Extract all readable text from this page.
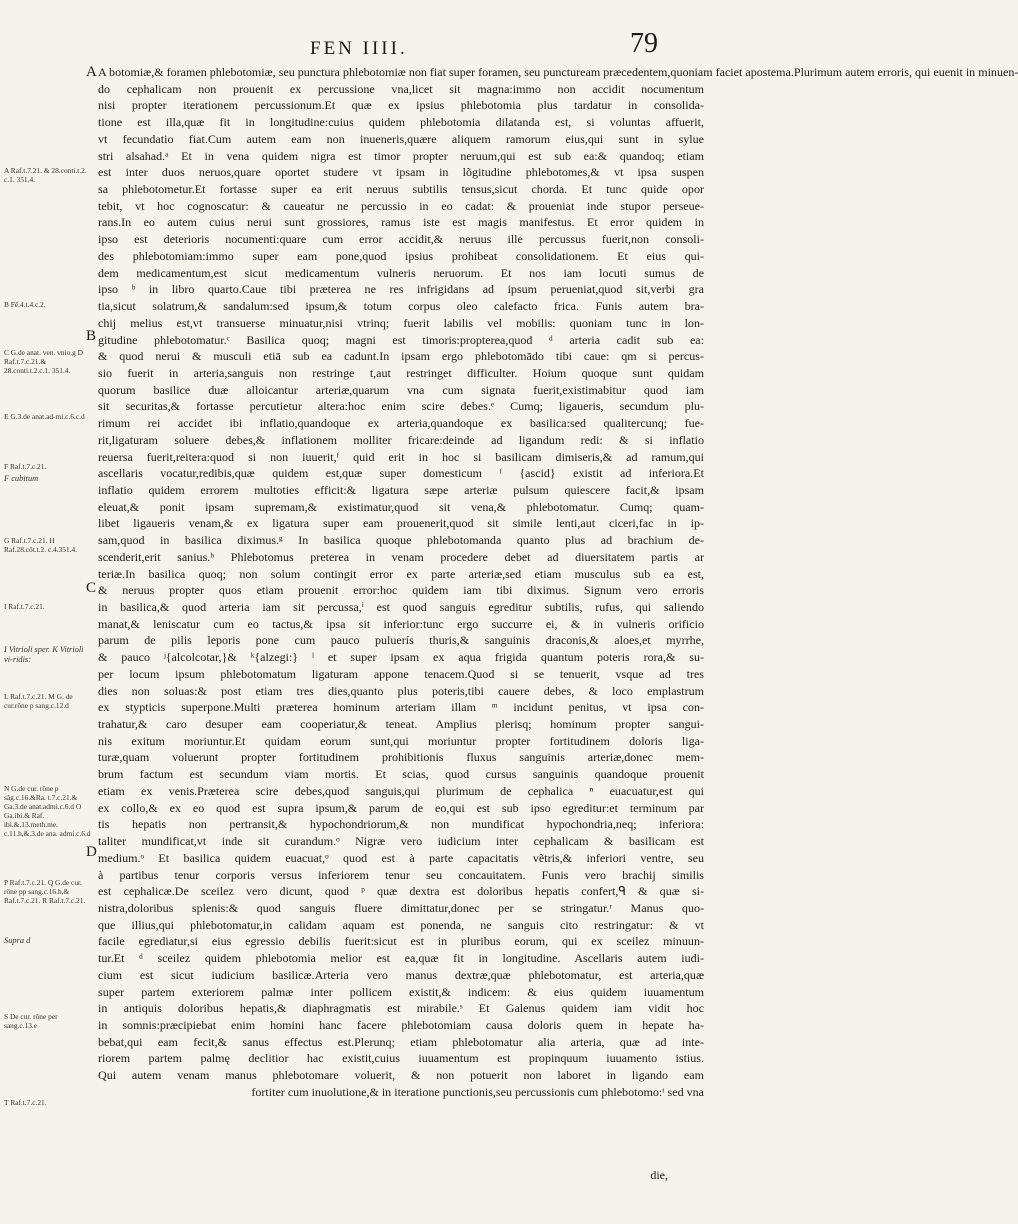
FEN IIII.	79
A Raf.t.7.21. & 28.conti.t.2. c.1. 351.4.
B Fē.4.t.4.c.2.
C G.de anat. ven. vnio.g D Raf.t.7.c.21.& 28.conti.t.2.c.1. 351.4.
E G.3.de anat.ad-mi.c.6.c.d
F Raf.t.7.c.21.
F cubitum
G Raf.t.7.c.21. H Raf.28.côt.t.2. c.4.351.4.
I Raf.t.7.c.21.
I Vitrioli sper. K Vitrioli vi-ridis:
L Raf.t.7.c.21. M G. de cur.rône p sang.c.12.d
N G.de cur. rône p sâg.c.16.&Ra. t.7.c.21.& Ga.3.de anat.admi.c.6.d O Ga.ibi.& Raf. ibi.&.13.meth.me. c.11.h,&.3.de ana. admi.c.6.d
P Raf.t.7.c.21. Q G.de cur. rône pp sang.c.16.h,& Raf.t.7.c.21. R Raf.t.7.c.21.
Supra d
S De cur. rône per sang.c.13.e
T Raf.t.7.c.21.

A botomiæ,& foramen phlebotomiæ, seu punctura phlebotomiæ non fiat super foramen, seu punctuream præcedentem,quoniam faciet apostema.Plurimum autem erroris, qui euenit in minuen-

do cephalicam non prouenit ex percussione vna,licet sit magna:immo non accidit nocumentum

nisi propter iterationem percussionum.Et quæ ex ipsius phlebotomia plus tardatur in consolida-

tione est illa,quæ fit in longitudine:cuius quidem phlebotomia dilatanda est, si voluntas affuerit,

vt fecundatio fiat.Cum autem eam non inueneris,quære aliquem ramorum eius,qui sunt in sylue

stri alsahad.ᵃ Et in vena quidem nigra est timor propter neruum,qui est sub ea:& quandoq; etiam

est inter duos neruos,quare oportet studere vt ipsam in lõgitudine phlebotomes,& vt ipsa suspen

sa phlebotometur.Et fortasse super ea erit neruus subtilis tensus,sicut chorda. Et tunc quide opor

tebit, vt hoc cognoscatur: & caueatur ne percussio in eo cadat: & proueniat inde stupor perseue-

rans.In eo autem cuius nerui sunt grossiores, ramus iste est magis manifestus. Et error quidem in

ipso est deterioris nocumenti:quare cum error accidit,& neruus ille percussus fuerit,non consoli-

des phlebotomiam:immo super eam pone,quod ipsius prohibeat consolidationem. Et eius qui-

dem medicamentum,est sicut medicamentum vulneris neruorum. Et nos iam locuti sumus de

ipso ᵇ in libro quarto.Caue tibi præterea ne res infrigidans ad ipsum perueniat,quod sit,verbi gra

tia,sicut solatrum,& sandalum:sed ipsum,& totum corpus oleo calefacto frica. Funis autem bra-

chij melius est,vt transuerse minuatur,nisi vtrinq; fuerit labilis vel mobilis: quoniam tunc in lon-

gitudine phlebotomatur.ᶜ Basilica quoq; magni est timoris:propterea,quod ᵈ arteria cadit sub ea:

& quod nerui & musculi etiā sub ea cadunt.In ipsam ergo phlebotomādo tibi caue: qm si percus-

sio fuerit in arteria,sanguis non restringe t,aut restringet difficulter. Hoium quoque sunt quidam

quorum basilice duæ alloicantur arteriæ,quarum vna cum signata fuerit,existimabitur quod iam

sit securitas,& fortasse percutietur altera:hoc enim scire debes.ᵉ Cumq; ligaueris, secundum plu-

rimum rei accidet ibi inflatio,quandoque ex arteria,quandoque ex basilica:sed qualitercunq; fue-

rit,ligaturam soluere debes,& inflationem molliter fricare:deinde ad ligandum redi: & si inflatio

reuersa fuerit,reitera:quod si non iuuerit,ᶠ quid erit in hoc si basilicam dimiseris,& ad ramum,qui

ascellaris vocatur,redibis,quæ quidem est,quæ super domesticum ᶠ {ascid} existit ad inferiora.Et

inflatio quidem errorem multoties efficit:& ligatura sæpe arteriæ pulsum quiescere facit,& ipsam

eleuat,& ponit ipsam supremam,& existimatur,quod sit vena,& phlebotomatur. Cumq; quam-

libet ligaueris venam,& ex ligatura super eam prouenerit,quod sit simile lenti,aut ciceri,fac in ip-

sam,quod in basilica diximus.ᵍ In basilica quoque phlebotomanda quanto plus ad brachium de-

scenderit,erit sanius.ʰ Phlebotomus preterea in venam procedere debet ad diuersitatem partis ar

teriæ.In basilica quoq; non solum contingit error ex parte arteriæ,sed etiam musculus sub ea est,

& neruus propter quos etiam prouenit error:hoc quidem iam tibi diximus. Signum vero erroris

in basilica,& quod arteria iam sit percussa,ⁱ est quod sanguis egreditur subtilis, rufus, qui saliendo

manat,& leniscatur cum eo tactus,& ipsa sit inferior:tunc ergo succurre ei, & in vulneris orificio

parum de pilis leporis pone cum pauco puluerís thuris,& sanguinis draconis,& aloes,et myrrhe,

& pauco ʲ{alcolcotar,}& ᵏ{alzegi:} ˡ et super ipsam ex aqua frigida quantum poteris rora,& su-

per locum ipsum phlebotomatum ligaturam appone tenacem.Quod si se tenuerit, vsque ad tres

dies non soluas:& post etiam tres dies,quanto plus poteris,tibi cauere debes, & loco emplastrum

ex stypticis superpone.Multi præterea hominum arteriam illam ᵐ incidunt penitus, vt ipsa con-

trahatur,& caro desuper eam cooperiatur,& teneat. Amplius plerisq; hominum propter sangui-

nis exitum moriuntur.Et quidam eorum sunt,qui moriuntur propter fortitudinem doloris liga-

turæ,quam voluerunt propter fortitudinem prohibitionis fluxus sanguinis arteriæ,donec mem-

brum factum est secundum viam mortis. Et scias, quod cursus sanguinis quandoque prouenit

etiam ex venis.Præterea scire debes,quod sanguis,qui plurimum de cephalica ⁿ euacuatur,est qui

ex collo,& ex eo quod est supra ipsum,& parum de eo,qui est sub ipso egreditur:et terminum par

tis hepatis non pertransit,& hypochondriorum,& non mundificat hypochondria,neq; inferiora:

taliter mundificat,vt inde sit curandum.ᵒ Nigræ vero iudicium inter cephalicam & basilicam est

medium.ᵒ Et basilica quidem euacuat,ᵒ quod est à parte capacitatis vẽtris,& inferiori ventre, seu

à partibus tenur corporis versus inferiorem tenur seu concauitatem. Funis vero brachij similis

est cephalicæ.De sceilez vero dicunt, quod ᵖ quæ dextra est doloribus hepatis confert,ᑫ & quæ si-

nistra,doloribus splenis:& quod sanguis fluere dimittatur,donec per se stringatur.ʳ Manus quo-

que illius,qui phlebotomatur,in calidam aquam est ponenda, ne sanguis cito restringatur: & vt

facile egrediatur,si eius egressio debilis fuerit:sicut est in pluribus eorum, qui ex sceilez minuun-

tur.Et ᵈ sceilez quidem phlebotomia melior est ea,quæ fit in longitudine. Ascellaris autem iudi-

cium est sicut iudicium basilicæ.Arteria vero manus dextræ,quæ phlebotomatur, est arteria,quæ

super partem exteriorem palmæ inter pollicem existit,& indicem: & eius quidem iuuamentum

in antiquis doloribus hepatis,& diaphragmatis est mirabile.ˢ Et Galenus quidem iam vidit hoc

in somnis:præcipiebat enim homini hanc facere phlebotomiam causa doloris quem in hepate ha-

bebat,qui eam fecit,& sanus effectus est.Plerunq; etiam phlebotomatur alia arteria, quæ ad inte-

riorem partem palmę declitior hac existit,cuius iuuamentum est propinquum iuuamento istius.

Qui autem venam manus phlebotomare voluerit, & non potuerit non laboret in ligando eam

fortiter cum inuolutione,& in iteratione punctionis,seu percussionis cum phlebotomo:ᵗ sed vna

die,
A
B
C
D
